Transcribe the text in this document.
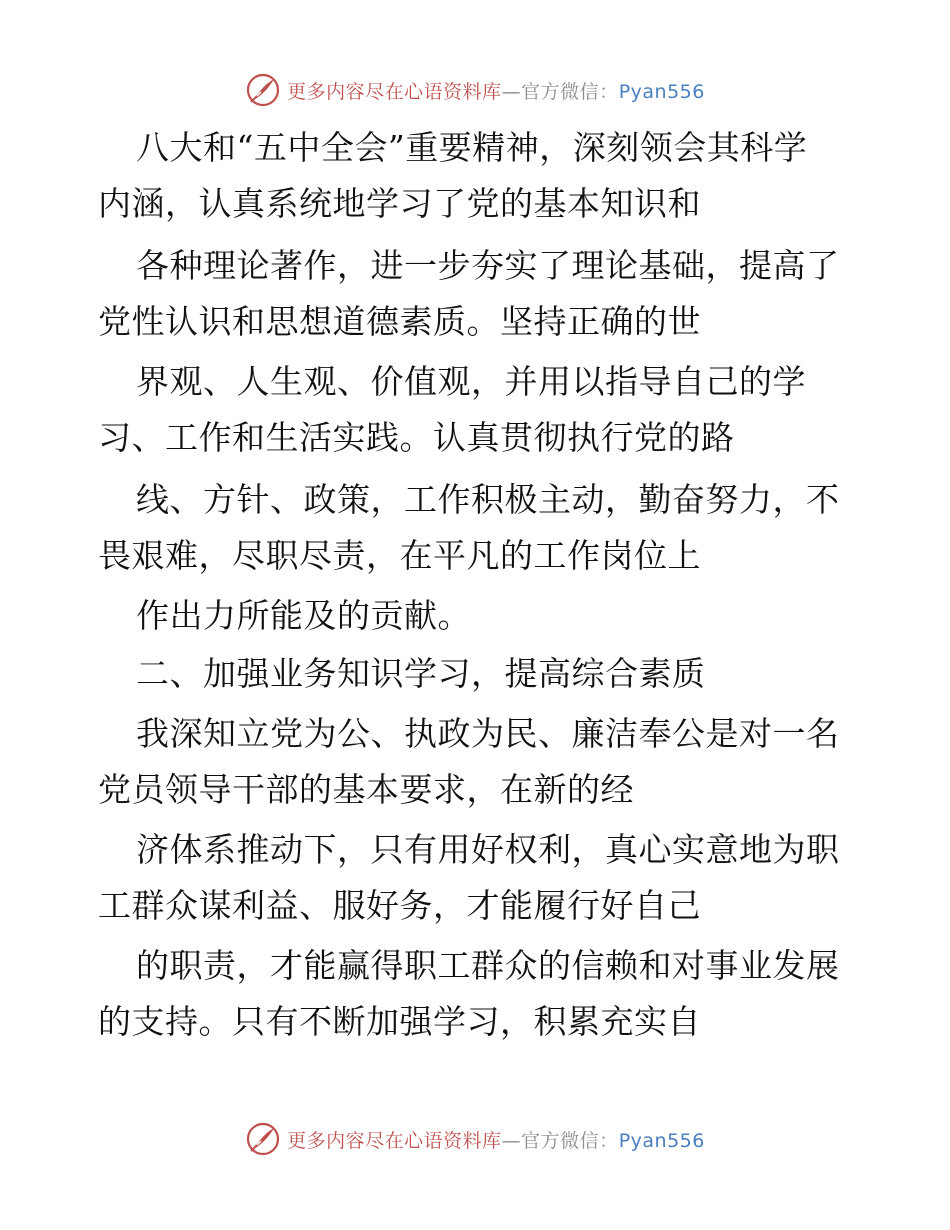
更多内容尽在心语资料库—官方微信：Pyan556
八大和“五中全会”重要精神，深刻领会其科学
内涵，认真系统地学习了党的基本知识和
各种理论著作，进一步夯实了理论基础，提高了
党性认识和思想道德素质。坚持正确的世
界观、人生观、价值观，并用以指导自己的学
习、工作和生活实践。认真贯彻执行党的路
线、方针、政策，工作积极主动，勤奋努力，不
畏艰难，尽职尽责，在平凡的工作岗位上
作出力所能及的贡献。
二、加强业务知识学习，提高综合素质
我深知立党为公、执政为民、廉洁奉公是对一名
党员领导干部的基本要求，在新的经
济体系推动下，只有用好权利，真心实意地为职
工群众谋利益、服好务，才能履行好自己
的职责，才能赢得职工群众的信赖和对事业发展
的支持。只有不断加强学习，积累充实自
更多内容尽在心语资料库—官方微信：Pyan556
